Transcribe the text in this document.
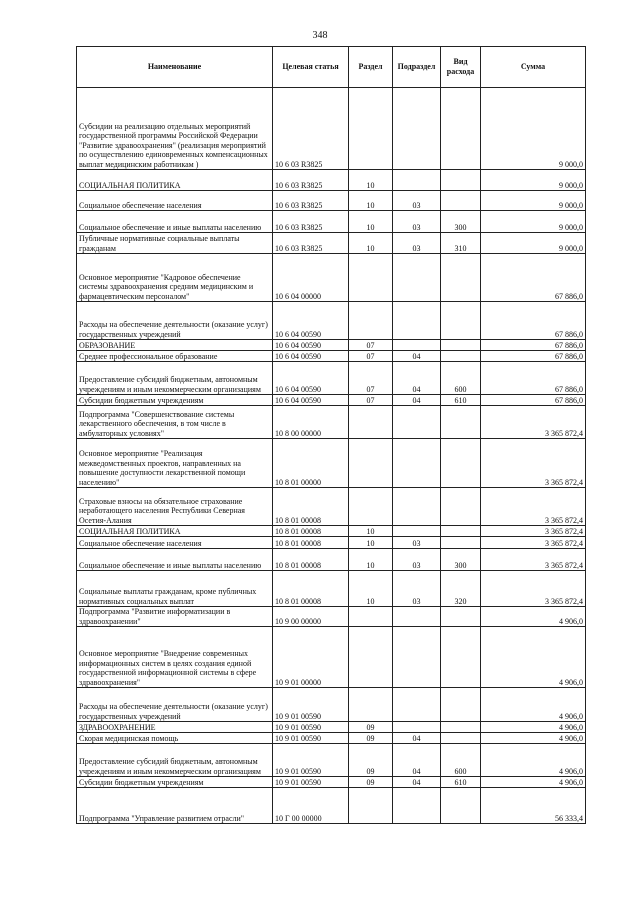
348
Наименование	Целевая статья	Раздел	Подраздел	Вид расхода	Сумма
Субсидии на реализацию отдельных мероприятий государственной программы Российской Федерации "Развитие здравоохранения" (реализация мероприятий по осуществлению единовременных компенсационных выплат медицинским работникам )	10 6 03 R3825				9 000,0
СОЦИАЛЬНАЯ ПОЛИТИКА	10 6 03 R3825	10			9 000,0
Социальное обеспечение населения	10 6 03 R3825	10	03		9 000,0
Социальное обеспечение и иные выплаты населению	10 6 03 R3825	10	03	300	9 000,0
Публичные нормативные социальные выплаты гражданам	10 6 03 R3825	10	03	310	9 000,0
Основное мероприятие "Кадровое обеспечение системы здравоохранения средним медицинским и фармацевтическим персоналом"	10 6 04 00000				67 886,0
Расходы на обеспечение деятельности (оказание услуг) государственных учреждений	10 6 04 00590				67 886,0
ОБРАЗОВАНИЕ	10 6 04 00590	07			67 886,0
Среднее профессиональное образование	10 6 04 00590	07	04		67 886,0
Предоставление субсидий бюджетным, автономным учреждениям и иным некоммерческим организациям	10 6 04 00590	07	04	600	67 886,0
Субсидии бюджетным учреждениям	10 6 04 00590	07	04	610	67 886,0
Подпрограмма "Совершенствование системы лекарственного обеспечения, в том числе в амбулаторных условиях"	10 8 00 00000				3 365 872,4
Основное мероприятие "Реализация межведомственных проектов, направленных на повышение доступности лекарственной помощи населению"	10 8 01 00000				3 365 872,4
Страховые взносы на обязательное страхование неработающего населения Республики Северная Осетия-Алания	10 8 01 00008				3 365 872,4
СОЦИАЛЬНАЯ ПОЛИТИКА	10 8 01 00008	10			3 365 872,4
Социальное обеспечение населения	10 8 01 00008	10	03		3 365 872,4
Социальное обеспечение и иные выплаты населению	10 8 01 00008	10	03	300	3 365 872,4
Социальные выплаты гражданам, кроме публичных нормативных социальных выплат	10 8 01 00008	10	03	320	3 365 872,4
Подпрограмма "Развитие информатизации в здравоохранении"	10 9 00 00000				4 906,0
Основное мероприятие "Внедрение современных информационных систем в целях создания единой государственной информационной системы в сфере здравоохранения"	10 9 01 00000				4 906,0
Расходы на обеспечение деятельности (оказание услуг) государственных учреждений	10 9 01 00590				4 906,0
ЗДРАВООХРАНЕНИЕ	10 9 01 00590	09			4 906,0
Скорая медицинская помощь	10 9 01 00590	09	04		4 906,0
Предоставление субсидий бюджетным, автономным учреждениям и иным некоммерческим организациям	10 9 01 00590	09	04	600	4 906,0
Субсидии бюджетным учреждениям	10 9 01 00590	09	04	610	4 906,0
Подпрограмма "Управление развитием отрасли"	10 Г 00 00000				56 333,4
